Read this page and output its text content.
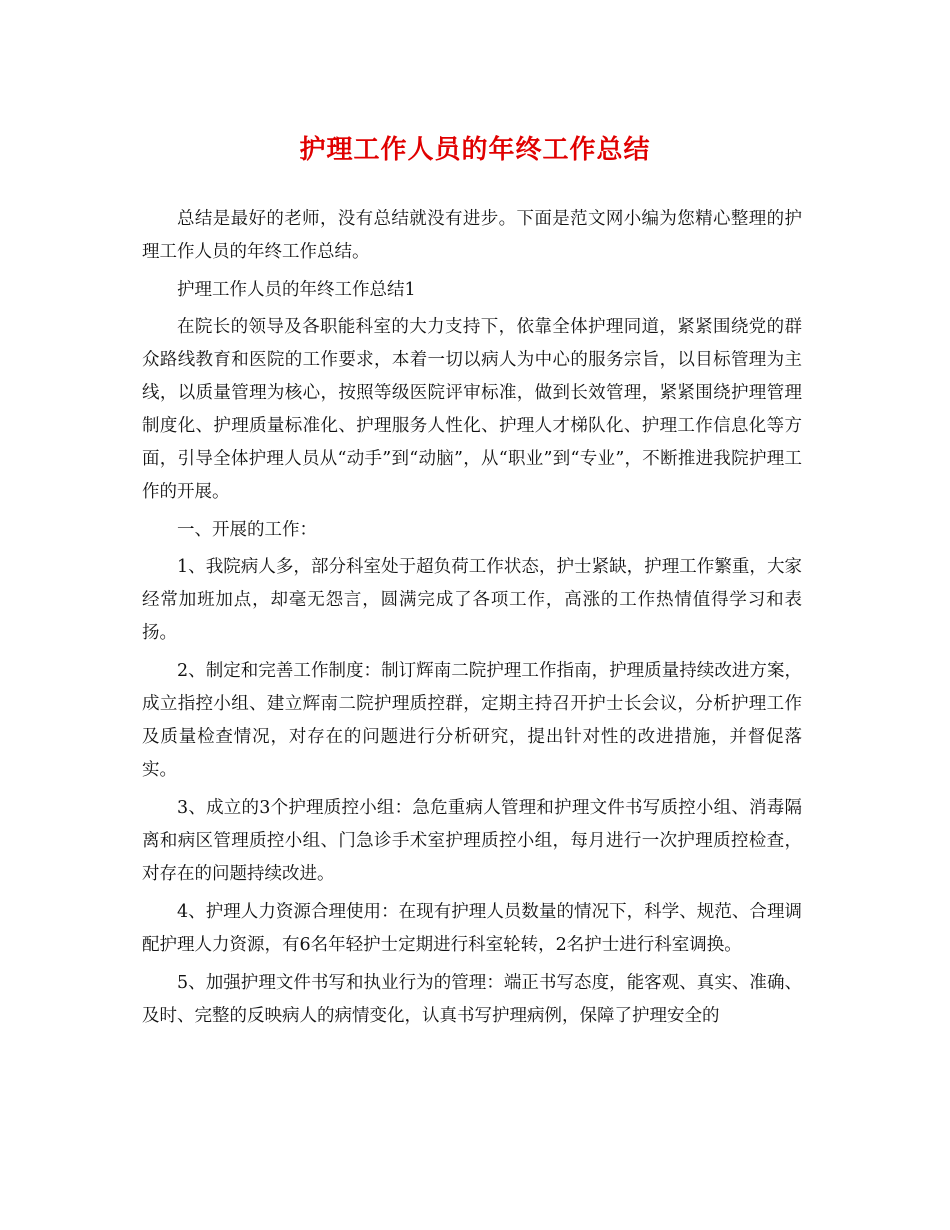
护理工作人员的年终工作总结

总结是最好的老师，没有总结就没有进步。下面是范文网小编为您精心整理的护理工作人员的年终工作总结。

护理工作人员的年终工作总结1

在院长的领导及各职能科室的大力支持下，依靠全体护理同道，紧紧围绕党的群众路线教育和医院的工作要求，本着一切以病人为中心的服务宗旨，以目标管理为主线，以质量管理为核心，按照等级医院评审标准，做到长效管理，紧紧围绕护理管理制度化、护理质量标准化、护理服务人性化、护理人才梯队化、护理工作信息化等方面，引导全体护理人员从“动手”到“动脑”，从“职业”到“专业”，不断推进我院护理工作的开展。

一、开展的工作：

1、我院病人多，部分科室处于超负荷工作状态，护士紧缺，护理工作繁重，大家经常加班加点，却毫无怨言，圆满完成了各项工作，高涨的工作热情值得学习和表扬。

2、制定和完善工作制度：制订辉南二院护理工作指南，护理质量持续改进方案，成立指控小组、建立辉南二院护理质控群，定期主持召开护士长会议，分析护理工作及质量检查情况，对存在的问题进行分析研究，提出针对性的改进措施，并督促落实。

3、成立的3个护理质控小组：急危重病人管理和护理文件书写质控小组、消毒隔离和病区管理质控小组、门急诊手术室护理质控小组，每月进行一次护理质控检查，对存在的问题持续改进。

4、护理人力资源合理使用：在现有护理人员数量的情况下，科学、规范、合理调配护理人力资源，有6名年轻护士定期进行科室轮转，2名护士进行科室调换。

5、加强护理文件书写和执业行为的管理：端正书写态度，能客观、真实、准确、及时、完整的反映病人的病情变化，认真书写护理病例，保障了护理安全的
